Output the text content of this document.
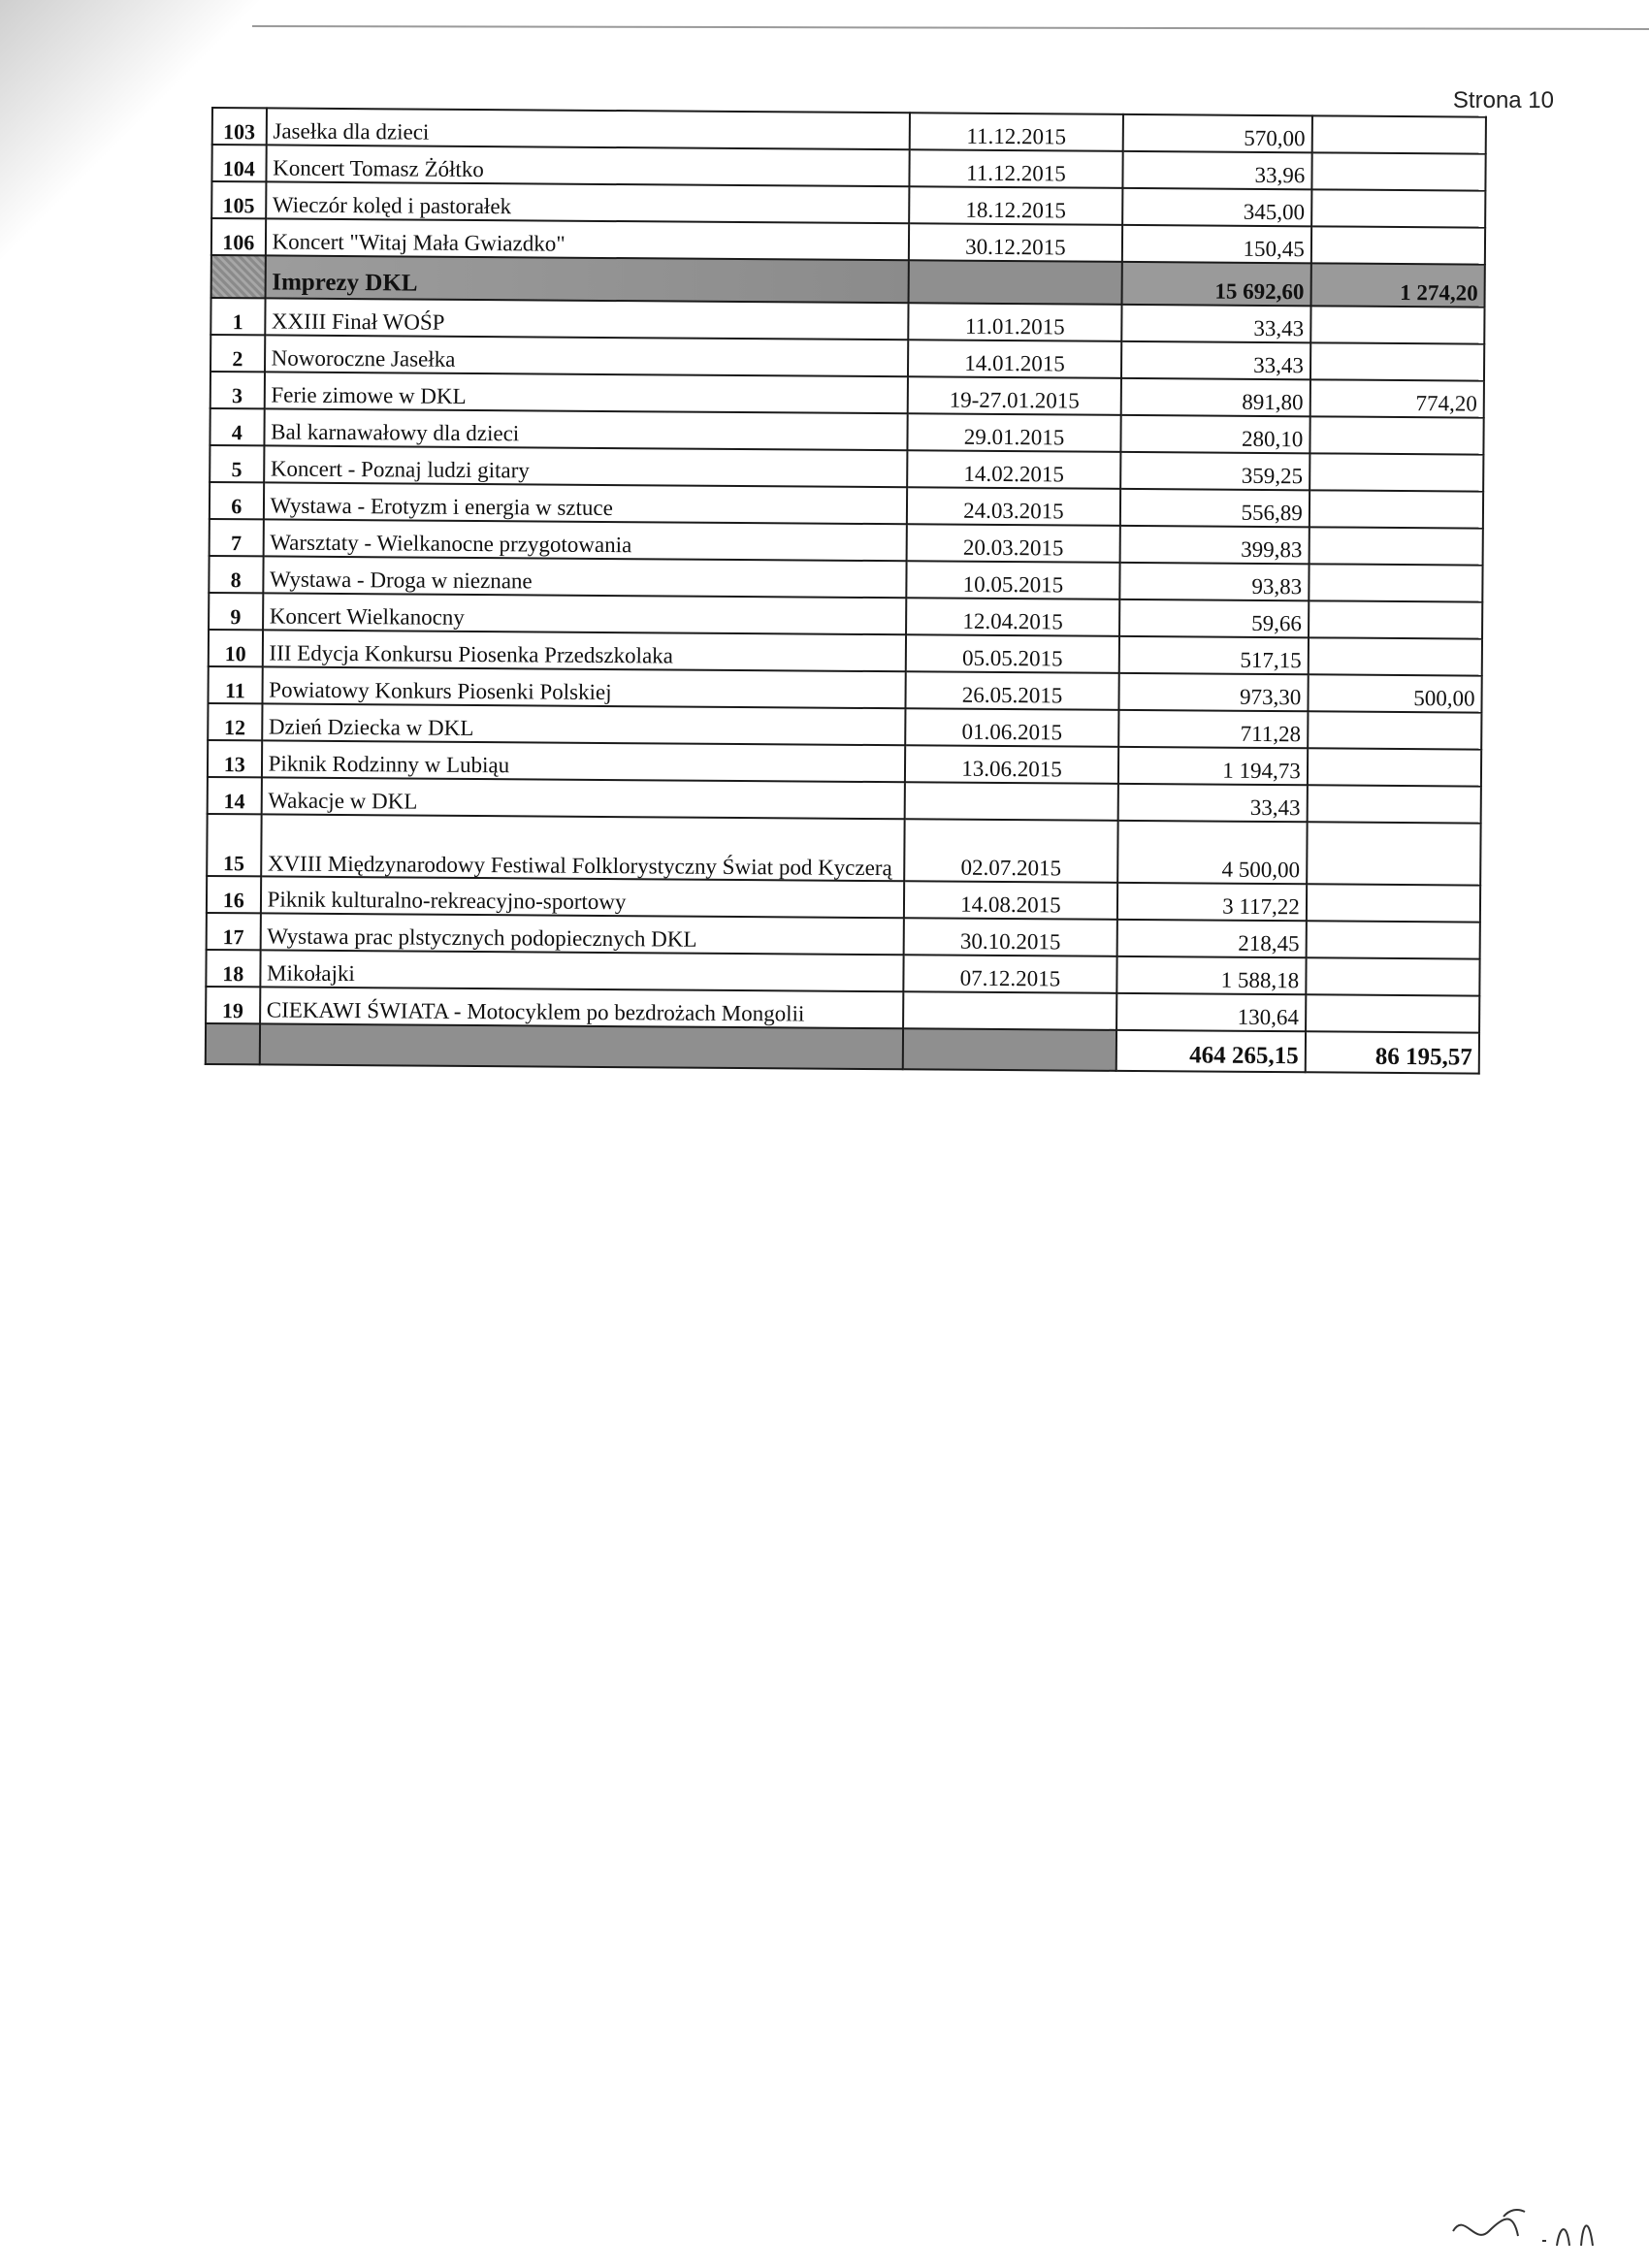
Strona 10
103	Jasełka dla dzieci	11.12.2015	570,00	
104	Koncert Tomasz Żółtko	11.12.2015	33,96	
105	Wieczór kolęd i pastorałek	18.12.2015	345,00	
106	Koncert "Witaj Mała Gwiazdko"	30.12.2015	150,45	
	Imprezy DKL		15 692,60	1 274,20
1	XXIII Finał WOŚP	11.01.2015	33,43	
2	Noworoczne Jasełka	14.01.2015	33,43	
3	Ferie zimowe w DKL	19-27.01.2015	891,80	774,20
4	Bal karnawałowy dla dzieci	29.01.2015	280,10	
5	Koncert - Poznaj ludzi gitary	14.02.2015	359,25	
6	Wystawa - Erotyzm i energia w sztuce	24.03.2015	556,89	
7	Warsztaty - Wielkanocne przygotowania	20.03.2015	399,83	
8	Wystawa - Droga w nieznane	10.05.2015	93,83	
9	Koncert Wielkanocny	12.04.2015	59,66	
10	III Edycja Konkursu Piosenka Przedszkolaka	05.05.2015	517,15	
11	Powiatowy Konkurs Piosenki Polskiej	26.05.2015	973,30	500,00
12	Dzień Dziecka w DKL	01.06.2015	711,28	
13	Piknik Rodzinny w Lubiąu	13.06.2015	1 194,73	
14	Wakacje w DKL		33,43	
15	XVIII Międzynarodowy Festiwal Folklorystyczny Świat pod Kyczerą	02.07.2015	4 500,00	
16	Piknik kulturalno-rekreacyjno-sportowy	14.08.2015	3 117,22	
17	Wystawa prac plstycznych podopiecznych DKL	30.10.2015	218,45	
18	Mikołajki	07.12.2015	1 588,18	
19	CIEKAWI ŚWIATA - Motocyklem po bezdrożach Mongolii		130,64	
			464 265,15	86 195,57
